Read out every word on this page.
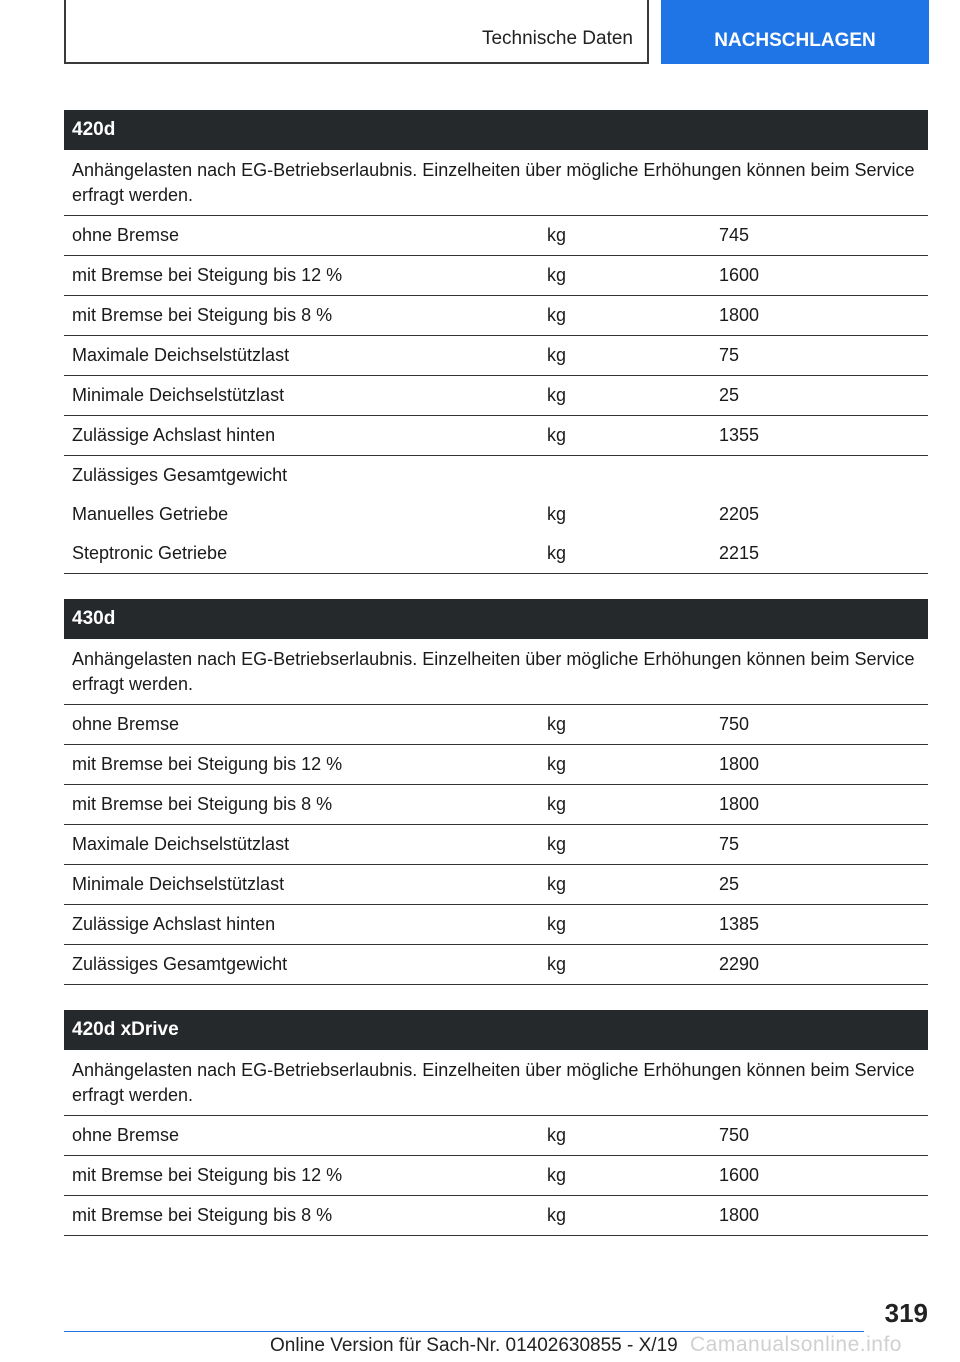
Technische Daten	NACHSCHLAGEN
420d
Anhängelasten nach EG-Betriebserlaubnis. Einzelheiten über mögliche Erhöhungen können beim Service erfragt werden.
ohne Bremse	kg	745
mit Bremse bei Steigung bis 12 %	kg	1600
mit Bremse bei Steigung bis 8 %	kg	1800
Maximale Deichselstützlast	kg	75
Minimale Deichselstützlast	kg	25
Zulässige Achslast hinten	kg	1355
Zulässiges Gesamtgewicht
Manuelles Getriebe	kg	2205
Steptronic Getriebe	kg	2215
430d
Anhängelasten nach EG-Betriebserlaubnis. Einzelheiten über mögliche Erhöhungen können beim Service erfragt werden.
ohne Bremse	kg	750
mit Bremse bei Steigung bis 12 %	kg	1800
mit Bremse bei Steigung bis 8 %	kg	1800
Maximale Deichselstützlast	kg	75
Minimale Deichselstützlast	kg	25
Zulässige Achslast hinten	kg	1385
Zulässiges Gesamtgewicht	kg	2290
420d xDrive
Anhängelasten nach EG-Betriebserlaubnis. Einzelheiten über mögliche Erhöhungen können beim Service erfragt werden.
ohne Bremse	kg	750
mit Bremse bei Steigung bis 12 %	kg	1600
mit Bremse bei Steigung bis 8 %	kg	1800
319
Online Version für Sach-Nr. 01402630855 - X/19 Camanualsonline.info
